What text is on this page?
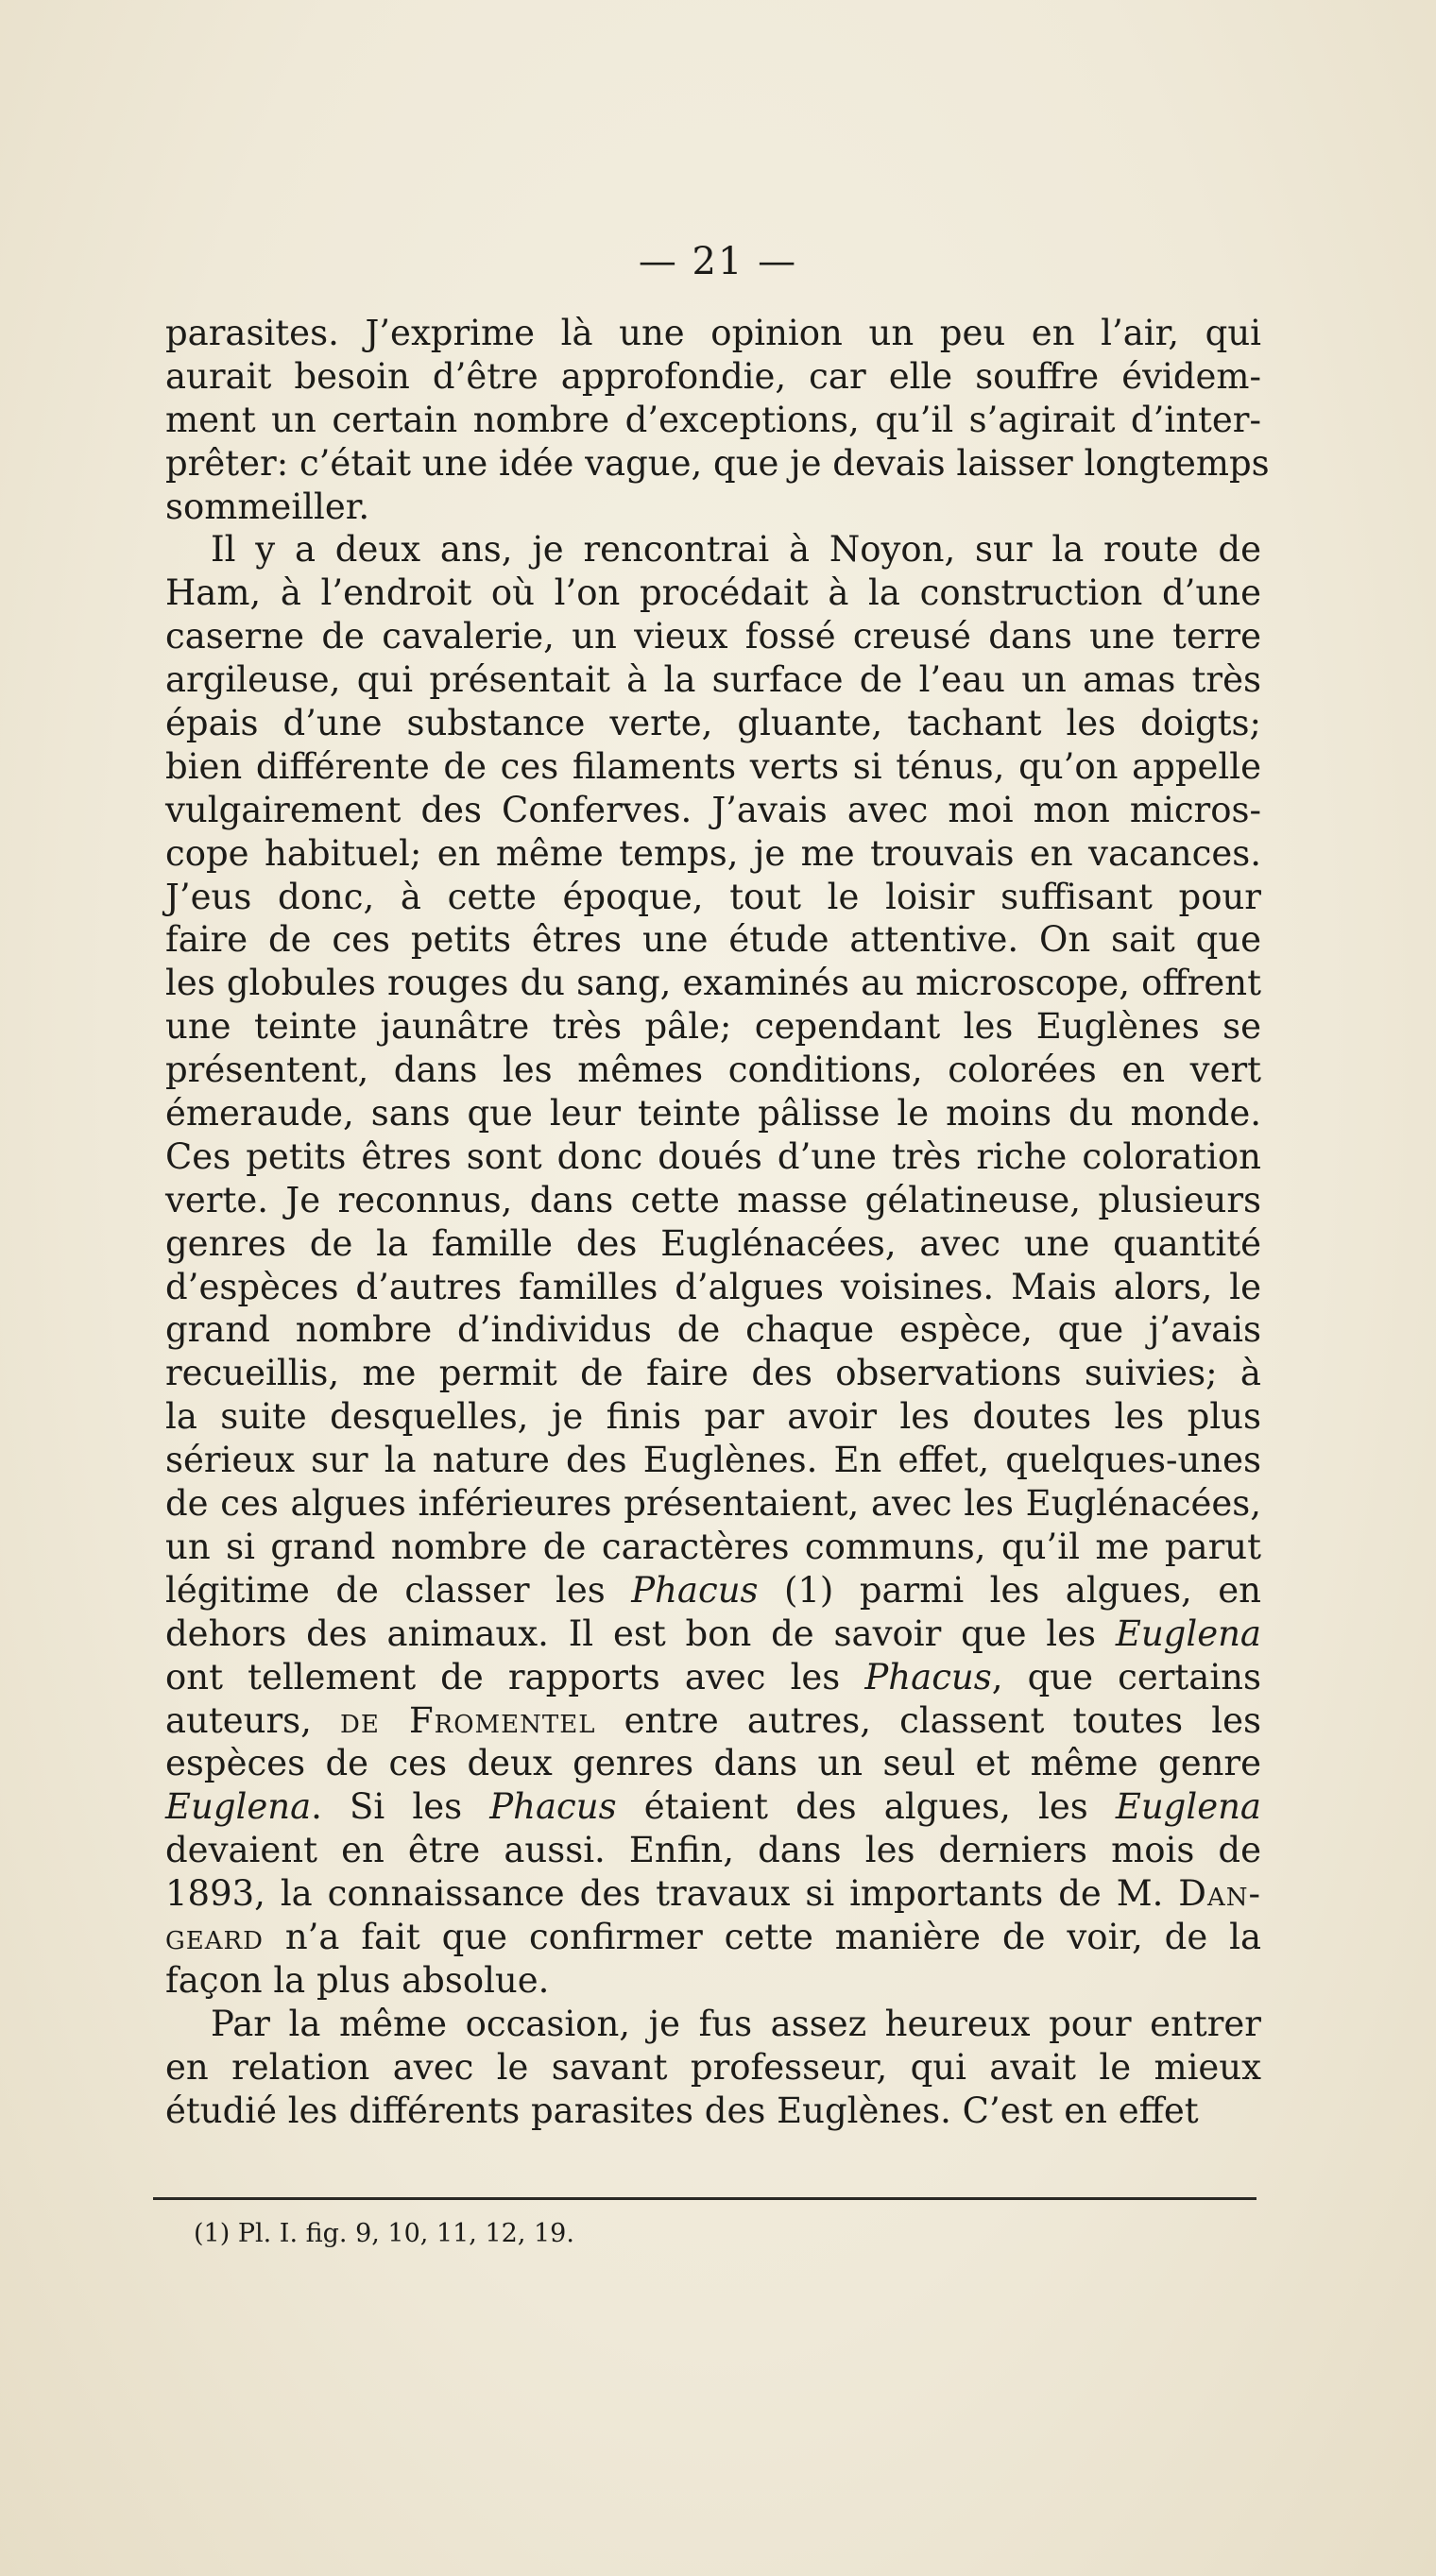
— 21 —
parasites. J’exprime là une opinion un peu en l’air, qui
aurait besoin d’être approfondie, car elle souffre évidem-
ment un certain nombre d’exceptions, qu’il s’agirait d’inter-
prêter: c’était une idée vague, que je devais laisser longtemps
sommeiller.
Il y a deux ans, je rencontrai à Noyon, sur la route de
Ham, à l’endroit où l’on procédait à la construction d’une
caserne de cavalerie, un vieux fossé creusé dans une terre
argileuse, qui présentait à la surface de l’eau un amas très
épais d’une substance verte, gluante, tachant les doigts;
bien différente de ces filaments verts si ténus, qu’on appelle
vulgairement des Conferves. J’avais avec moi mon micros-
cope habituel; en même temps, je me trouvais en vacances.
J’eus donc, à cette époque, tout le loisir suffisant pour
faire de ces petits êtres une étude attentive. On sait que
les globules rouges du sang, examinés au microscope, offrent
une teinte jaunâtre très pâle; cependant les Euglènes se
présentent, dans les mêmes conditions, colorées en vert
émeraude, sans que leur teinte pâlisse le moins du monde.
Ces petits êtres sont donc doués d’une très riche coloration
verte. Je reconnus, dans cette masse gélatineuse, plusieurs
genres de la famille des Euglénacées, avec une quantité
d’espèces d’autres familles d’algues voisines. Mais alors, le
grand nombre d’individus de chaque espèce, que j’avais
recueillis, me permit de faire des observations suivies; à
la suite desquelles, je finis par avoir les doutes les plus
sérieux sur la nature des Euglènes. En effet, quelques-unes
de ces algues inférieures présentaient, avec les Euglénacées,
un si grand nombre de caractères communs, qu’il me parut
légitime de classer les Phacus (1) parmi les algues, en
dehors des animaux. Il est bon de savoir que les Euglena
ont tellement de rapports avec les Phacus, que certains
auteurs, de Fromentel entre autres, classent toutes les
espèces de ces deux genres dans un seul et même genre
Euglena. Si les Phacus étaient des algues, les Euglena
devaient en être aussi. Enfin, dans les derniers mois de
1893, la connaissance des travaux si importants de M. Dan-
geard n’a fait que confirmer cette manière de voir, de la
façon la plus absolue.
Par la même occasion, je fus assez heureux pour entrer
en relation avec le savant professeur, qui avait le mieux
étudié les différents parasites des Euglènes. C’est en effet
(1) Pl. I. fig. 9, 10, 11, 12, 19.
